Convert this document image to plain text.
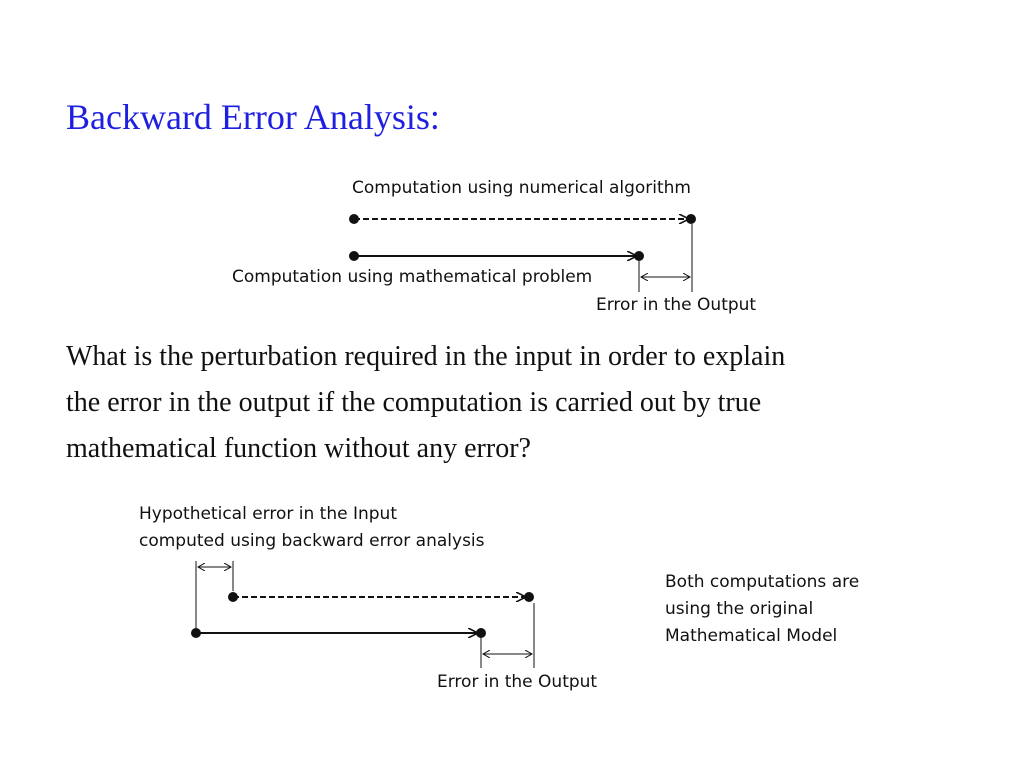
Backward Error Analysis:
Computation using numerical algorithm
Computation using mathematical problem
Error in the Output
What is the perturbation required in the input in order to explain
the error in the output if the computation is carried out by true
mathematical function without any error?
Hypothetical error in the Input
computed using backward error analysis
Both computations are
using the original
Mathematical Model
Error in the Output
